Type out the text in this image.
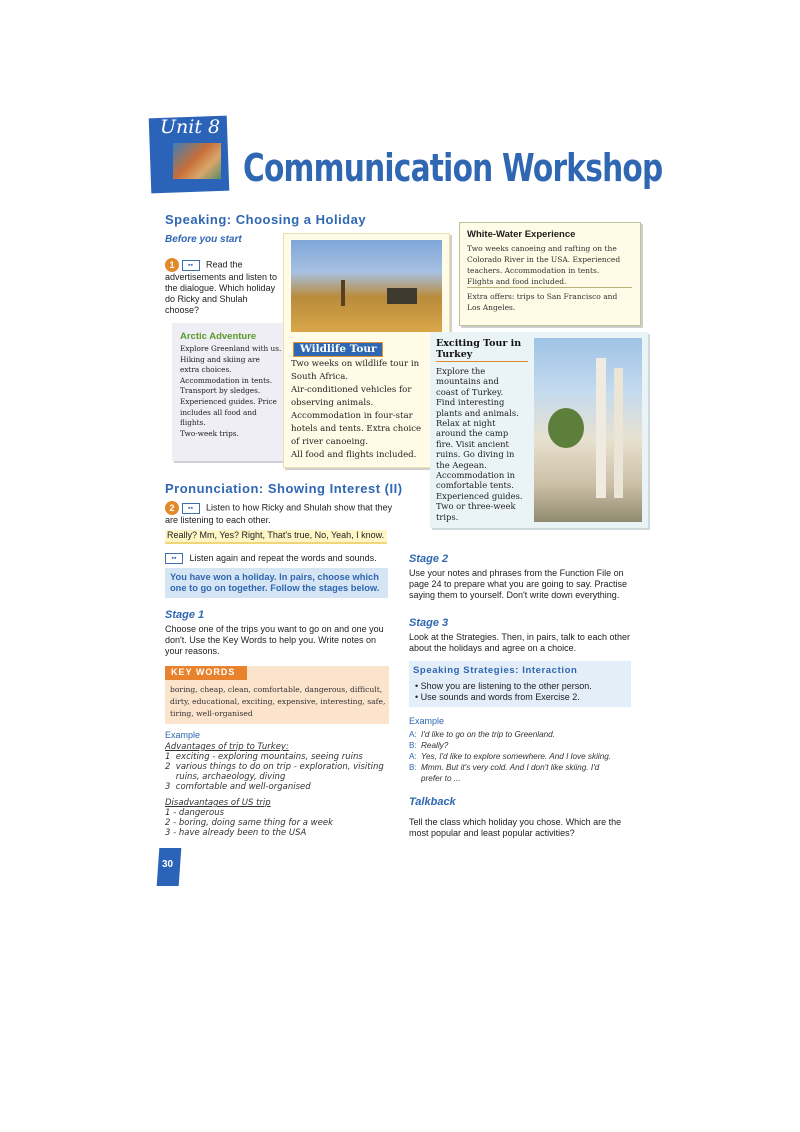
Unit 8
Communication Workshop
Speaking: Choosing a Holiday
Before you start
1 ▪▪ Read the advertisements and listen to the dialogue. Which holiday do Ricky and Shulah choose?
Arctic Adventure
Explore Greenland with us.
Hiking and skiing are
extra choices.
Accommodation in tents.
Transport by sledges.
Experienced guides. Price
includes all food and
flights.
Two-week trips.
Wildlife Tour
Two weeks on wildlife tour in
South Africa.
Air-conditioned vehicles for
observing animals.
Accommodation in four-star
hotels and tents. Extra choice
of river canoeing.
All food and flights included.
White-Water Experience
Two weeks canoeing and rafting on the
Colorado River in the USA. Experienced
teachers. Accommodation in tents.
Flights and food included.
Extra offers: trips to San Francisco and
Los Angeles.
Exciting Tour in
Turkey
Explore the
mountains and
coast of Turkey.
Find interesting
plants and animals.
Relax at night
around the camp
fire. Visit ancient
ruins. Go diving in
the Aegean.
Accommodation in
comfortable tents.
Experienced guides.
Two or three-week
trips.
Pronunciation: Showing Interest (II)
2 ▪▪ Listen to how Ricky and Shulah show that they are listening to each other.
Really? Mm, Yes? Right, That's true, No, Yeah, I know.
▪▪ Listen again and repeat the words and sounds.
You have won a holiday. In pairs, choose which
one to go on together. Follow the stages below.
Stage 1
Choose one of the trips you want to go on and one you don't. Use the Key Words to help you. Write notes on your reasons.
KEY WORDS
boring, cheap, clean, comfortable, dangerous, difficult, dirty, educational, exciting, expensive, interesting, safe, tiring, well-organised
Example
Advantages of trip to Turkey:
1  exciting - exploring mountains, seeing ruins
2  various things to do on trip - exploration, visiting
ruins, archaeology, diving
3  comfortable and well-organised
Disadvantages of US trip
1 - dangerous
2 - boring, doing same thing for a week
3 - have already been to the USA
30
Stage 2
Use your notes and phrases from the Function File on page 24 to prepare what you are going to say. Practise saying them to yourself. Don't write down everything.
Stage 3
Look at the Strategies. Then, in pairs, talk to each other about the holidays and agree on a choice.
Speaking Strategies: Interaction
• Show you are listening to the other person.
• Use sounds and words from Exercise 2.
Example
A: I'd like to go on the trip to Greenland.
B: Really?
A: Yes, I'd like to explore somewhere. And I love skiing.
B: Mmm. But it's very cold. And I don't like skiing. I'd
prefer to ...
Talkback
Tell the class which holiday you chose. Which are the most popular and least popular activities?
